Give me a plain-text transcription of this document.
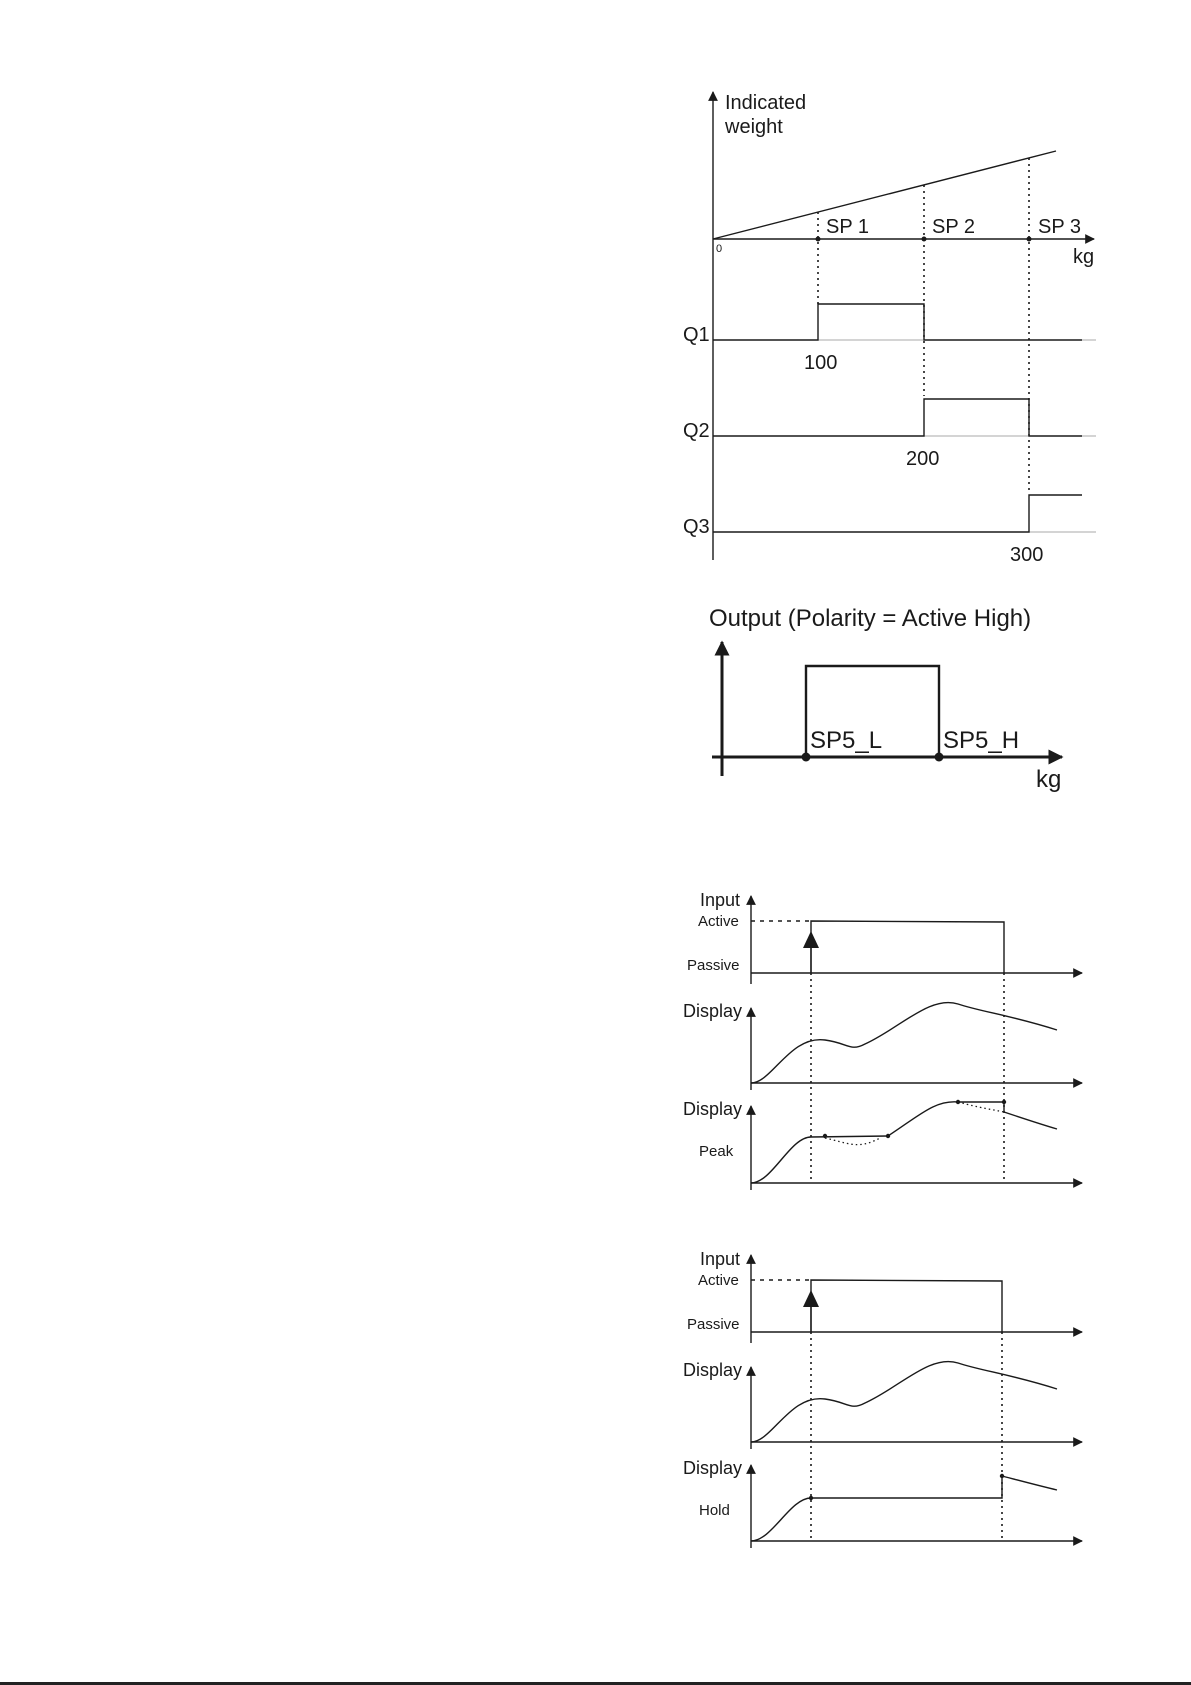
Indicated
weight
0	kg
SP 1	SP 2	SP 3
Q1
100
Q2
200
Q3
300
Output (Polarity = Active High)
SP5_L	SP5_H
kg
Input
Active
Passive
Display
Display
Peak
Input
Active
Passive
Display
Display
Hold
